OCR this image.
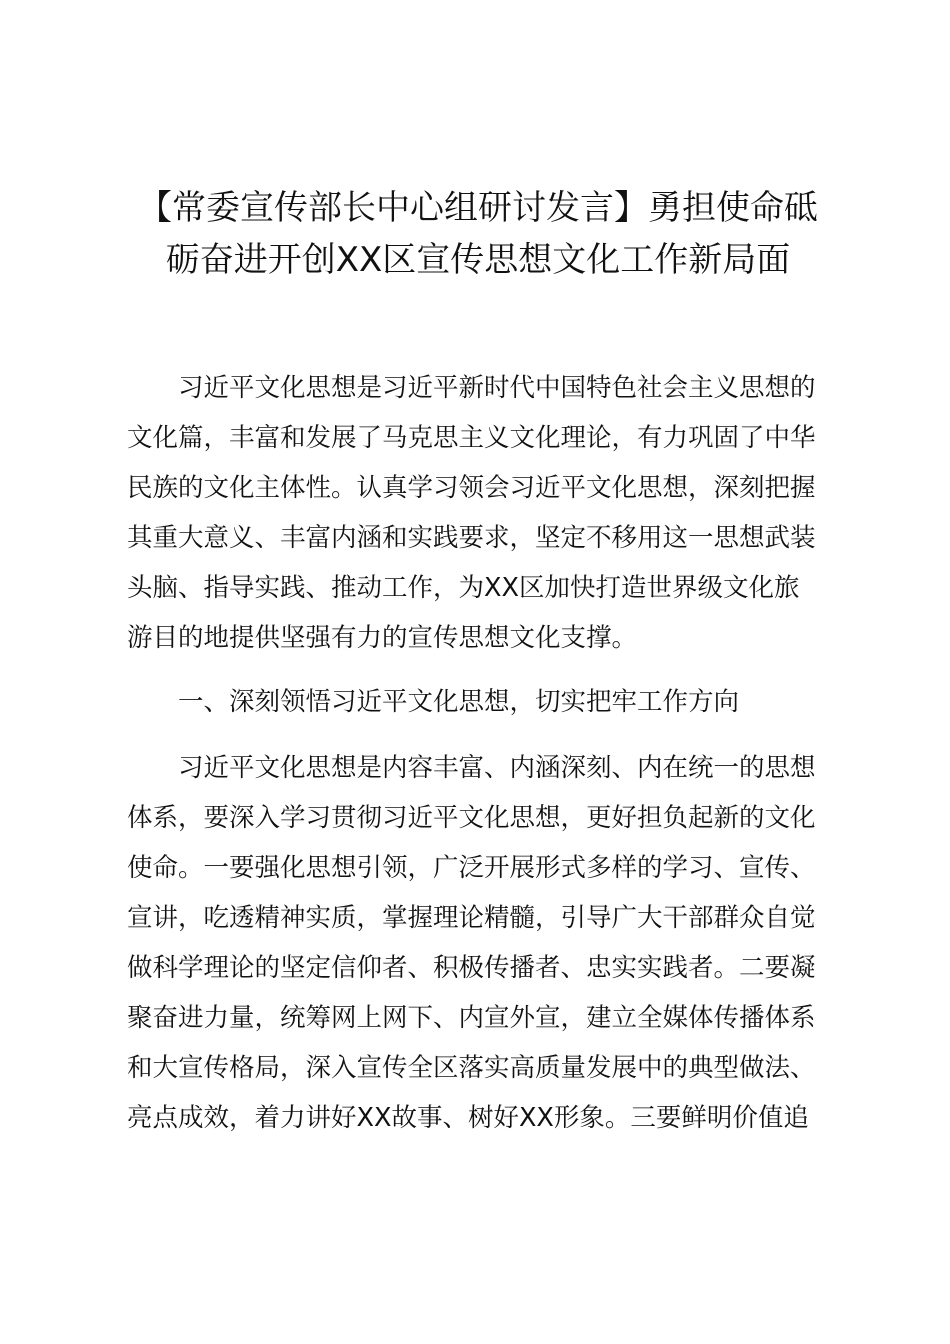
【常委宣传部长中心组研讨发言】勇担使命砥
砺奋进开创XX区宣传思想文化工作新局面

习近平文化思想是习近平新时代中国特色社会主义思想的
文化篇，丰富和发展了马克思主义文化理论，有力巩固了中华
民族的文化主体性。认真学习领会习近平文化思想，深刻把握
其重大意义、丰富内涵和实践要求，坚定不移用这一思想武装
头脑、指导实践、推动工作，为XX区加快打造世界级文化旅
游目的地提供坚强有力的宣传思想文化支撑。

一、深刻领悟习近平文化思想，切实把牢工作方向

习近平文化思想是内容丰富、内涵深刻、内在统一的思想
体系，要深入学习贯彻习近平文化思想，更好担负起新的文化
使命。一要强化思想引领，广泛开展形式多样的学习、宣传、
宣讲，吃透精神实质，掌握理论精髓，引导广大干部群众自觉
做科学理论的坚定信仰者、积极传播者、忠实实践者。二要凝
聚奋进力量，统筹网上网下、内宣外宣，建立全媒体传播体系
和大宣传格局，深入宣传全区落实高质量发展中的典型做法、
亮点成效，着力讲好XX故事、树好XX形象。三要鲜明价值追
